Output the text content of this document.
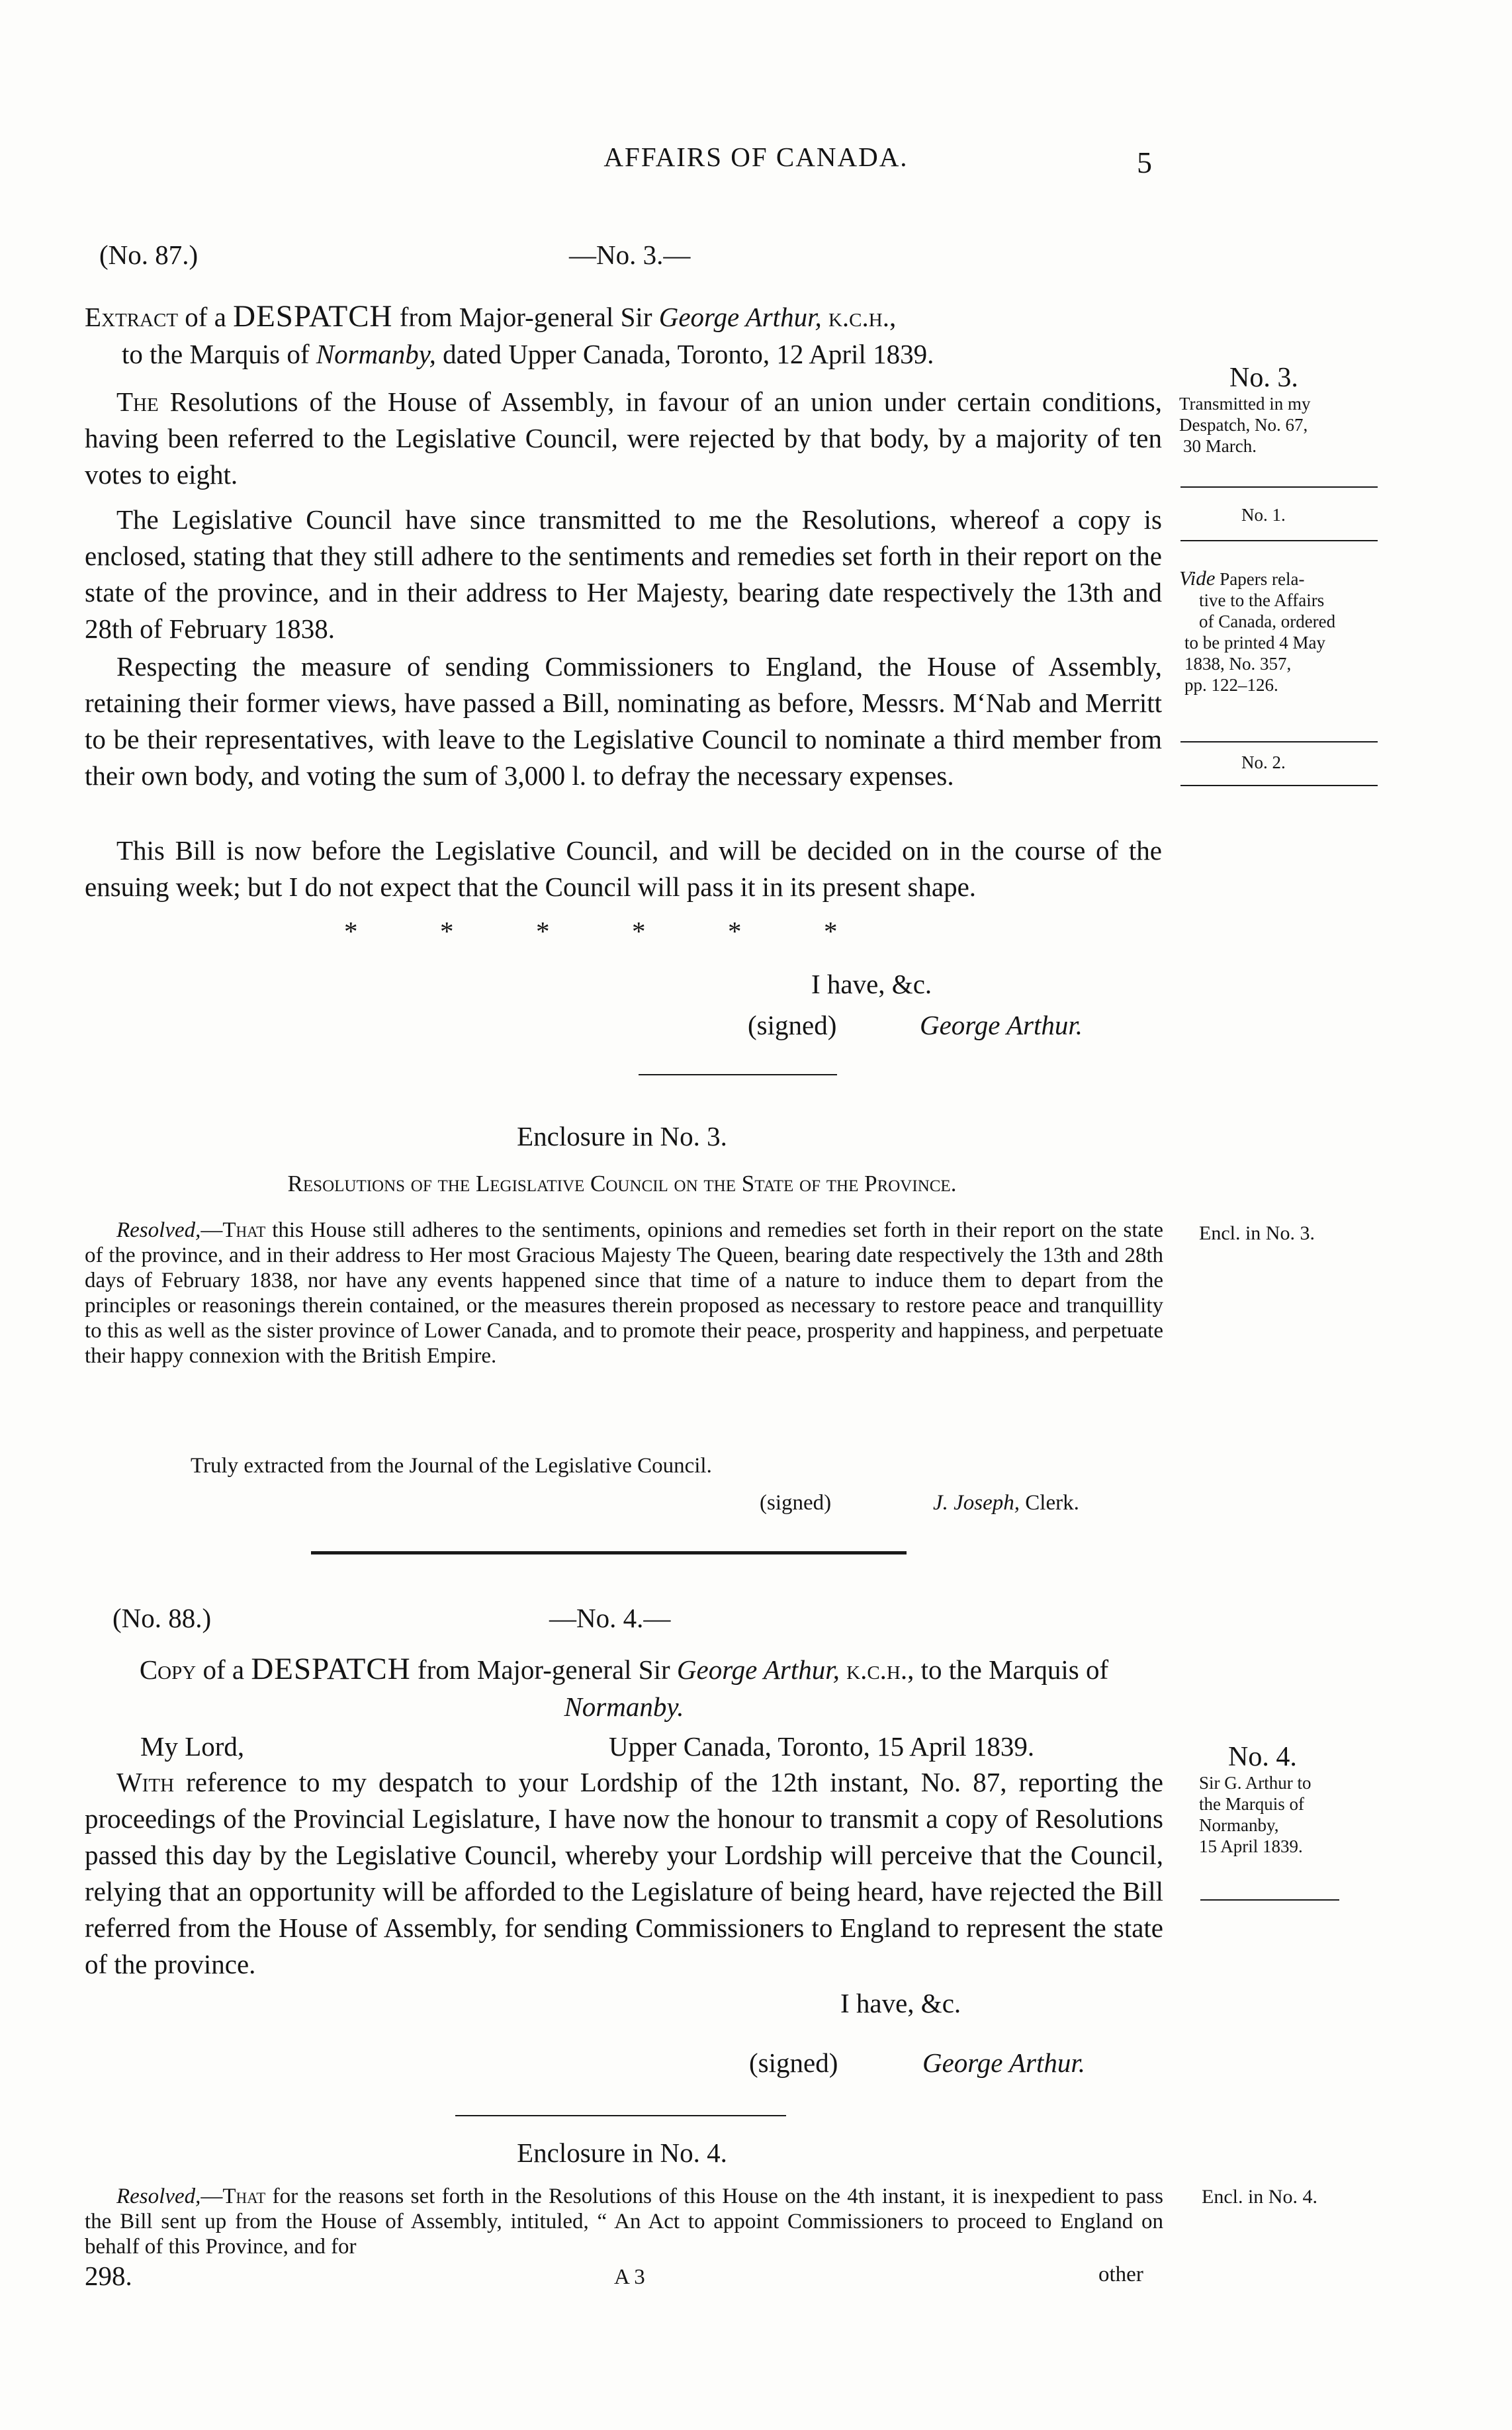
AFFAIRS OF CANADA.	5
(No. 87.)	—No. 3.—
Extract of a DESPATCH from Major-general Sir George Arthur, k.c.h.,
to the Marquis of Normanby, dated Upper Canada, Toronto, 12 April 1839.
The Resolutions of the House of Assembly, in favour of an union under certain conditions, having been referred to the Legislative Council, were rejected by that body, by a majority of ten votes to eight.
The Legislative Council have since transmitted to me the Resolutions, whereof a copy is enclosed, stating that they still adhere to the sentiments and remedies set forth in their report on the state of the province, and in their address to Her Majesty, bearing date respectively the 13th and 28th of February 1838.
Respecting the measure of sending Commissioners to England, the House of Assembly, retaining their former views, have passed a Bill, nominating as before, Messrs. M‘Nab and Merritt to be their representatives, with leave to the Legislative Council to nominate a third member from their own body, and voting the sum of 3,000 l. to defray the necessary expenses.
This Bill is now before the Legislative Council, and will be decided on in the course of the ensuing week; but I do not expect that the Council will pass it in its present shape.
*          *          *          *          *          *
I have, &c.
(signed)	George Arthur.
No. 3.
Transmitted in my
Despatch, No. 67,
30 March.
No. 1.
Vide Papers rela-
tive to the Affairs
of Canada, ordered
to be printed 4 May
1838, No. 357,
pp. 122–126.
No. 2.
Enclosure in No. 3.
Resolutions of the Legislative Council on the State of the Province.
Resolved,—That this House still adheres to the sentiments, opinions and remedies set forth in their report on the state of the province, and in their address to Her most Gracious Majesty The Queen, bearing date respectively the 13th and 28th days of February 1838, nor have any events happened since that time of a nature to induce them to depart from the principles or reasonings therein contained, or the measures therein proposed as necessary to restore peace and tranquillity to this as well as the sister province of Lower Canada, and to promote their peace, prosperity and happiness, and perpetuate their happy connexion with the British Empire.
Truly extracted from the Journal of the Legislative Council.
(signed)	J. Joseph, Clerk.
Encl. in No. 3.
(No. 88.)	—No. 4.—
Copy of a DESPATCH from Major-general Sir George Arthur, k.c.h., to the Marquis of Normanby.
My Lord,	Upper Canada, Toronto, 15 April 1839.
With reference to my despatch to your Lordship of the 12th instant, No. 87, reporting the proceedings of the Provincial Legislature, I have now the honour to transmit a copy of Resolutions passed this day by the Legislative Council, whereby your Lordship will perceive that the Council, relying that an opportunity will be afforded to the Legislature of being heard, have rejected the Bill referred from the House of Assembly, for sending Commissioners to England to represent the state of the province.
I have, &c.
(signed)	George Arthur.
No. 4.
Sir G. Arthur to
the Marquis of
Normanby,
15 April 1839.
Enclosure in No. 4.
Resolved,—That for the reasons set forth in the Resolutions of this House on the 4th instant, it is inexpedient to pass the Bill sent up from the House of Assembly, intituled, “ An Act to appoint Commissioners to proceed to England on behalf of this Province, and for
Encl. in No. 4.
298.	A 3	other
